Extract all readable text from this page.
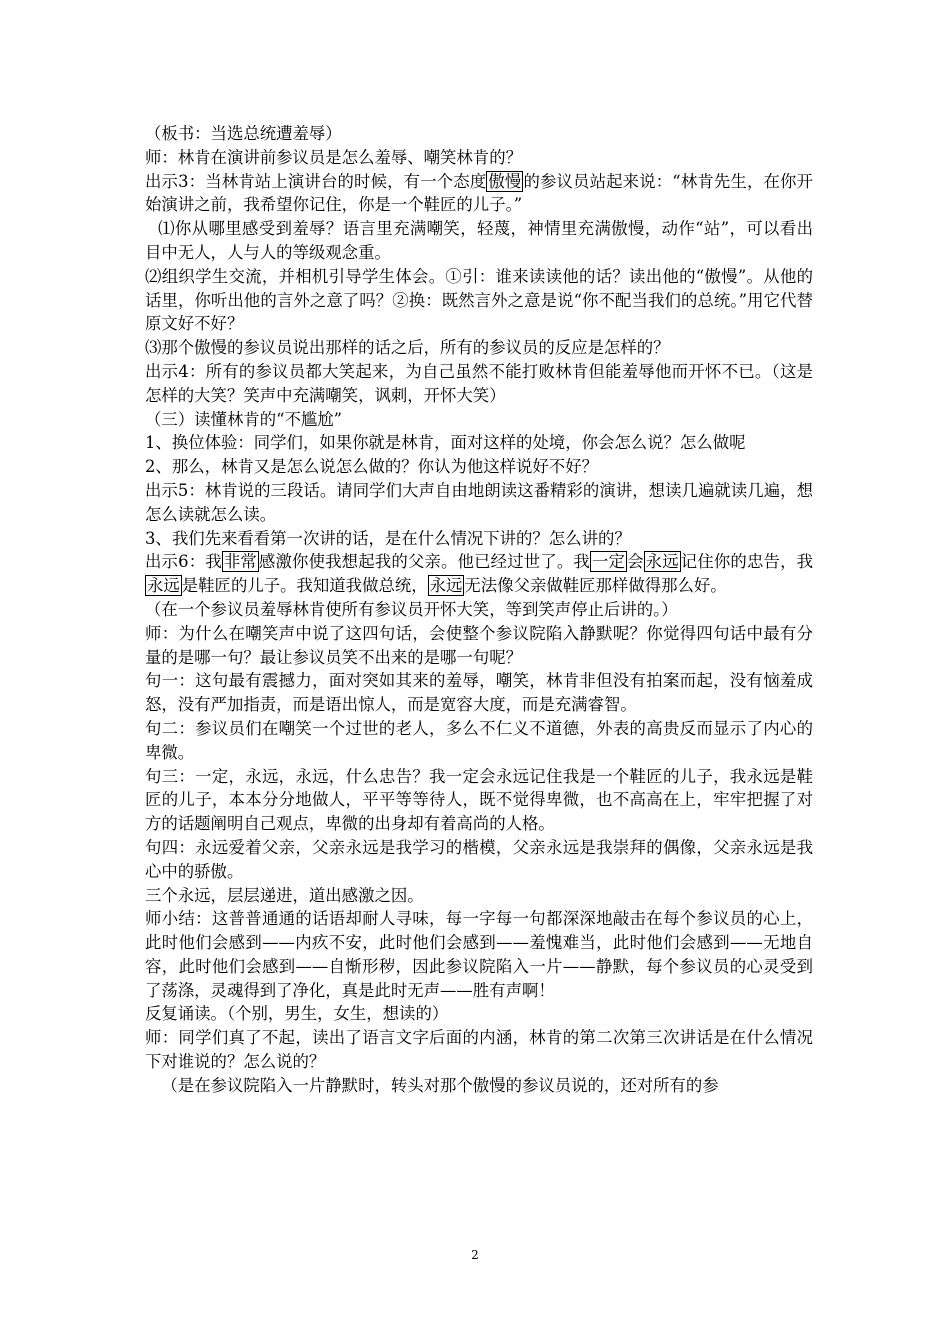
（板书：当选总统遭羞辱）

师：林肯在演讲前参议员是怎么羞辱、嘲笑林肯的？

出示3：当林肯站上演讲台的时候，有一个态度 傲慢 的参议员站起来说：“林肯先生，在你开始演讲之前，我希望你记住，你是一个鞋匠的儿子。”

⑴你从哪里感受到羞辱？语言里充满嘲笑，轻蔑，神情里充满傲慢，动作“站”，可以看出目中无人，人与人的等级观念重。

⑵组织学生交流，并相机引导学生体会。①引：谁来读读他的话？读出他的“傲慢”。从他的话里，你听出他的言外之意了吗？②换：既然言外之意是说“你不配当我们的总统。”用它代替原文好不好？

⑶那个傲慢的参议员说出那样的话之后，所有的参议员的反应是怎样的？

出示4：所有的参议员都大笑起来，为自己虽然不能打败林肯但能羞辱他而开怀不已。（这是怎样的大笑？笑声中充满嘲笑，讽刺，开怀大笑）

（三）读懂林肯的“不尴尬”

1、换位体验：同学们，如果你就是林肯，面对这样的处境，你会怎么说？怎么做呢

2、那么，林肯又是怎么说怎么做的？你认为他这样说好不好？

出示5：林肯说的三段话。请同学们大声自由地朗读这番精彩的演讲，想读几遍就读几遍，想怎么读就怎么读。

3、我们先来看看第一次讲的话，是在什么情况下讲的？怎么讲的？

出示6：我 非常 感激你使我想起我的父亲。他已经过世了。我 一定 会 永远 记住你的忠告，我永远 是鞋匠的儿子。我知道我做总统， 永远 无法像父亲做鞋匠那样做得那么好。

（在一个参议员羞辱林肯使所有参议员开怀大笑，等到笑声停止后讲的。）

师：为什么在嘲笑声中说了这四句话，会使整个参议院陷入静默呢？你觉得四句话中最有分量的是哪一句？最让参议员笑不出来的是哪一句呢？

句一：这句最有震撼力，面对突如其来的羞辱，嘲笑，林肯非但没有拍案而起，没有恼羞成怒，没有严加指责，而是语出惊人，而是宽容大度，而是充满睿智。

句二：参议员们在嘲笑一个过世的老人，多么不仁义不道德，外表的高贵反而显示了内心的卑微。

句三：一定，永远，永远，什么忠告？我一定会永远记住我是一个鞋匠的儿子，我永远是鞋匠的儿子，本本分分地做人，平平等等待人，既不觉得卑微，也不高高在上，牢牢把握了对方的话题阐明自己观点，卑微的出身却有着高尚的人格。

句四：永远爱着父亲，父亲永远是我学习的楷模，父亲永远是我崇拜的偶像，父亲永远是我心中的骄傲。

三个永远，层层递进，道出感激之因。

师小结：这普普通通的话语却耐人寻味，每一字每一句都深深地敲击在每个参议员的心上，此时他们会感到——内疚不安，此时他们会感到——羞愧难当，此时他们会感到——无地自容，此时他们会感到——自惭形秽，因此参议院陷入一片——静默，每个参议员的心灵受到了荡涤，灵魂得到了净化，真是此时无声——胜有声啊！

反复诵读。（个别，男生，女生，想读的）

师：同学们真了不起，读出了语言文字后面的内涵，林肯的第二次第三次讲话是在什么情况下对谁说的？怎么说的？

（是在参议院陷入一片静默时，转头对那个傲慢的参议员说的，还对所有的参

2
